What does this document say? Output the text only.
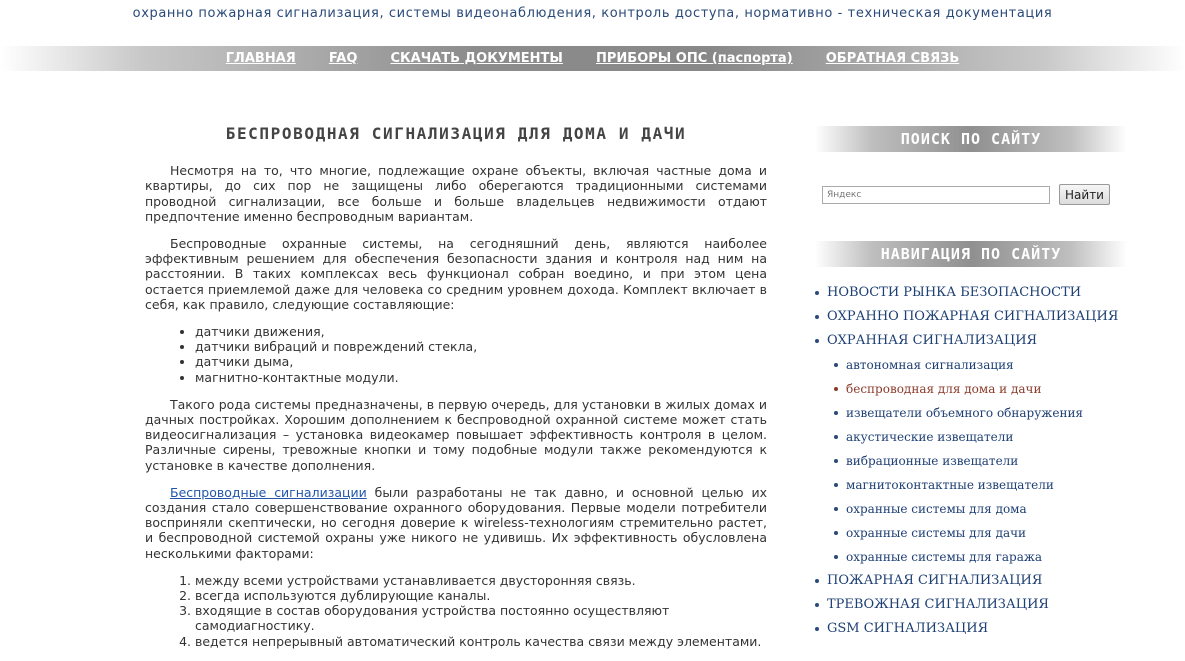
охранно пожарная сигнализация, системы видеонаблюдения, контроль доступа, нормативно - техническая документация
ГЛАВНАЯ	FAQ	СКАЧАТЬ ДОКУМЕНТЫ	ПРИБОРЫ ОПС (паспорта)	ОБРАТНАЯ СВЯЗЬ
БЕСПРОВОДНАЯ СИГНАЛИЗАЦИЯ ДЛЯ ДОМА И ДАЧИ

Несмотря на то, что многие, подлежащие охране объекты, включая частные дома и квартиры, до сих пор не защищены либо оберегаются традиционными системами проводной сигнализации, все больше и больше владельцев недвижимости отдают предпочтение именно беспроводным вариантам.

Беспроводные охранные системы, на сегодняшний день, являются наиболее эффективным решением для обеспечения безопасности здания и контроля над ним на расстоянии. В таких комплексах весь функционал собран воедино, и при этом цена остается приемлемой даже для человека со средним уровнем дохода. Комплект включает в себя, как правило, следующие составляющие:

• датчики движения,
• датчики вибраций и повреждений стекла,
• датчики дыма,
• магнитно-контактные модули.

Такого рода системы предназначены, в первую очередь, для установки в жилых домах и дачных постройках. Хорошим дополнением к беспроводной охранной системе может стать видеосигнализация – установка видеокамер повышает эффективность контроля в целом. Различные сирены, тревожные кнопки и тому подобные модули также рекомендуются к установке в качестве дополнения.

Беспроводные сигнализации были разработаны не так давно, и основной целью их создания стало совершенствование охранного оборудования. Первые модели потребители восприняли скептически, но сегодня доверие к wireless-технологиям стремительно растет, и беспроводной системой охраны уже никого не удивишь. Их эффективность обусловлена несколькими факторами:

1. между всеми устройствами устанавливается двусторонняя связь.
2. всегда используются дублирующие каналы.
3. входящие в состав оборудования устройства постоянно осуществляют самодиагностику.
4. ведется непрерывный автоматический контроль качества связи между элементами.
ПОИСК ПО САЙТУ
Яндекс
Найти
НАВИГАЦИЯ ПО САЙТУ
НОВОСТИ РЫНКА БЕЗОПАСНОСТИ
ОХРАННО ПОЖАРНАЯ СИГНАЛИЗАЦИЯ
ОХРАННАЯ СИГНАЛИЗАЦИЯ
автономная сигнализация
беспроводная для дома и дачи
извещатели объемного обнаружения
акустические извещатели
вибрационные извещатели
магнитоконтактные извещатели
охранные системы для дома
охранные системы для дачи
охранные системы для гаража
ПОЖАРНАЯ СИГНАЛИЗАЦИЯ
ТРЕВОЖНАЯ СИГНАЛИЗАЦИЯ
GSM СИГНАЛИЗАЦИЯ
